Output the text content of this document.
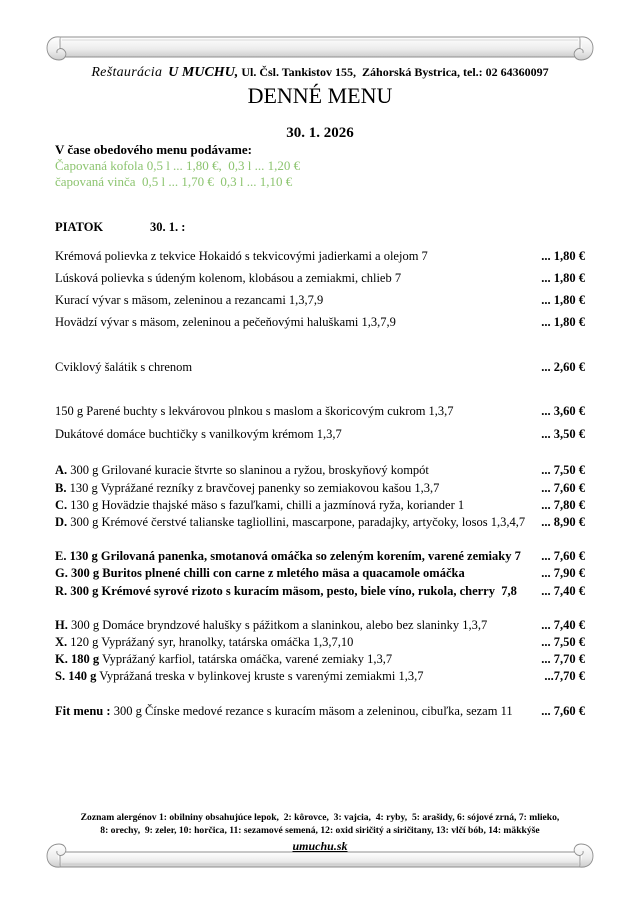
Reštaurácia U MUCHU, Ul. Čsl. Tankistov 155,  Záhorská Bystrica, tel.: 02 64360097
DENNÉ MENU
30. 1. 2026
V čase obedového menu podávame:
Čapovaná kofola 0,5 l ... 1,80 €,  0,3 l ... 1,20 €
čapovaná vinča  0,5 l ... 1,70 €  0,3 l ... 1,10 €
PIATOK	30. 1. :
Krémová polievka z tekvice Hokaidó s tekvicovými jadierkami a olejom 7	... 1,80 €
Lúsková polievka s údeným kolenom, klobásou a zemiakmi, chlieb 7	... 1,80 €
Kurací vývar s mäsom, zeleninou a rezancami 1,3,7,9	... 1,80 €
Hovädzí vývar s mäsom, zeleninou a pečeňovými haluškami 1,3,7,9	... 1,80 €
Cviklový šalátik s chrenom	... 2,60 €
150 g Parené buchty s lekvárovou plnkou s maslom a škoricovým cukrom 1,3,7	... 3,60 €
Dukátové domáce buchtičky s vanilkovým krémom 1,3,7	... 3,50 €
A. 300 g Grilované kuracie štvrte so slaninou a ryžou, broskyňový kompót	... 7,50 €
B. 130 g Vyprážané rezníky z bravčovej panenky so zemiakovou kašou 1,3,7	... 7,60 €
C. 130 g Hovädzie thajské mäso s fazuľkami, chilli a jazmínová ryža, koriander 1	... 7,80 €
D. 300 g Krémové čerstvé talianske tagliollini, mascarpone, paradajky, artyčoky, losos 1,3,4,7 ... 8,90 €
E. 130 g Grilovaná panenka, smotanová omáčka so zeleným korením, varené zemiaky 7 ... 7,60 €
G. 300 g Buritos plnené chilli con carne z mletého mäsa a quacamole omáčka	... 7,90 €
R. 300 g Krémové syrové rizoto s kuracím mäsom, pesto, biele víno, rukola, cherry  7,8 ... 7,40 €
H. 300 g Domáce bryndzové halušky s pážitkom a slaninkou, alebo bez slaninky 1,3,7	... 7,40 €
X. 120 g Vyprážaný syr, hranolky, tatárska omáčka 1,3,7,10	... 7,50 €
K. 180 g Vyprážaný karfiol, tatárska omáčka, varené zemiaky 1,3,7	... 7,70 €
S. 140 g Vyprážaná treska v bylinkovej kruste s varenými zemiakmi 1,3,7	...7,70 €
Fit menu : 300 g Čínske medové rezance s kuracím mäsom a zeleninou, cibuľka, sezam 11 ... 7,60 €
Zoznam alergénov 1: obilniny obsahujúce lepok,  2: kôrovce,  3: vajcia,  4: ryby,  5: arašidy, 6: sójové zrná, 7: mlieko,
8: orechy,  9: zeler, 10: horčica, 11: sezamové semená, 12: oxid siričitý a siričitany, 13: vlčí bób, 14: mäkkýše
umuchu.sk
